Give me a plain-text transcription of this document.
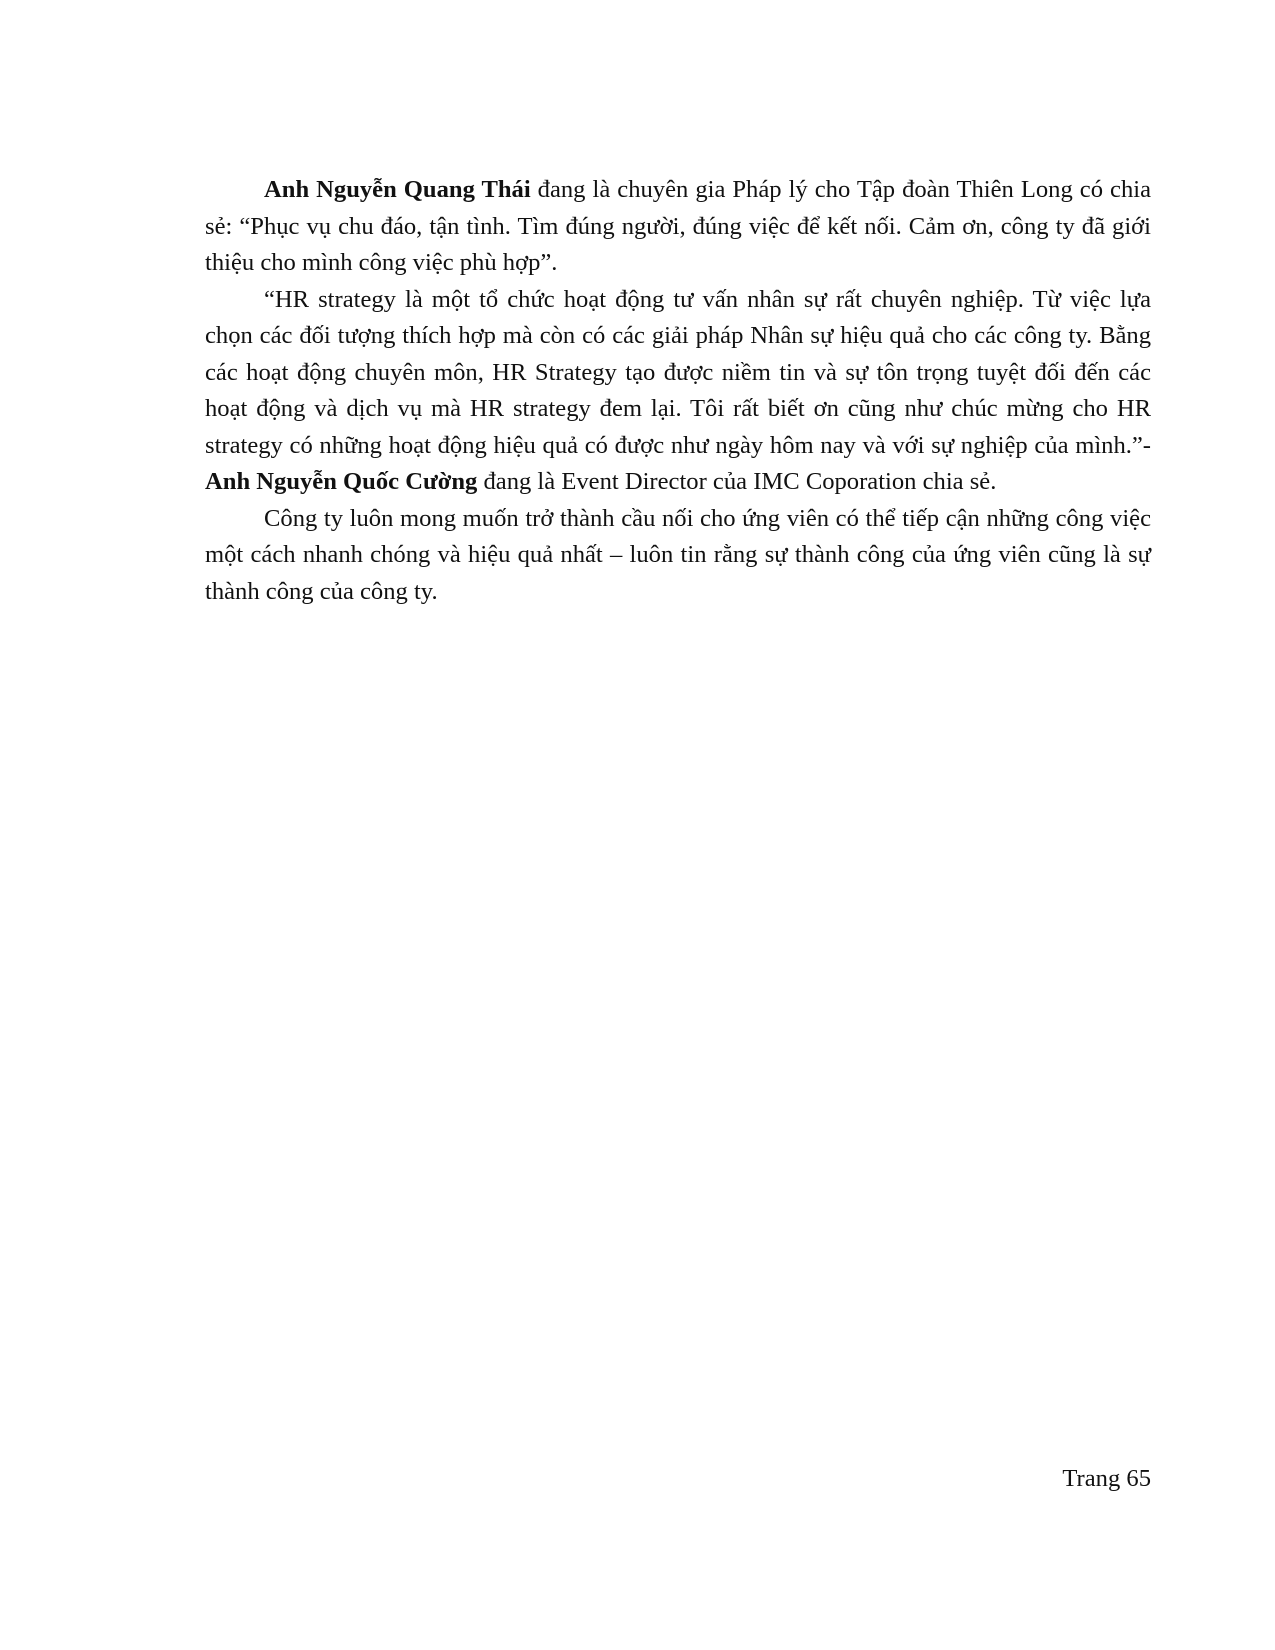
Anh Nguyễn Quang Thái đang là chuyên gia Pháp lý cho Tập đoàn Thiên Long có chia sẻ: “Phục vụ chu đáo, tận tình. Tìm đúng người, đúng việc để kết nối. Cảm ơn, công ty đã giới thiệu cho mình công việc phù hợp”.

“HR strategy là một tổ chức hoạt động tư vấn nhân sự rất chuyên nghiệp. Từ việc lựa chọn các đối tượng thích hợp mà còn có các giải pháp Nhân sự hiệu quả cho các công ty. Bằng các hoạt động chuyên môn, HR Strategy tạo được niềm tin và sự tôn trọng tuyệt đối đến các hoạt động và dịch vụ mà HR strategy đem lại. Tôi rất biết ơn cũng như chúc mừng cho HR strategy có những hoạt động hiệu quả có được như ngày hôm nay và với sự nghiệp của mình.”- Anh Nguyễn Quốc Cường đang là Event Director của IMC Coporation chia sẻ.

Công ty luôn mong muốn trở thành cầu nối cho ứng viên có thể tiếp cận những công việc một cách nhanh chóng và hiệu quả nhất – luôn tin rằng sự thành công của ứng viên cũng là sự thành công của công ty.

Trang 65
